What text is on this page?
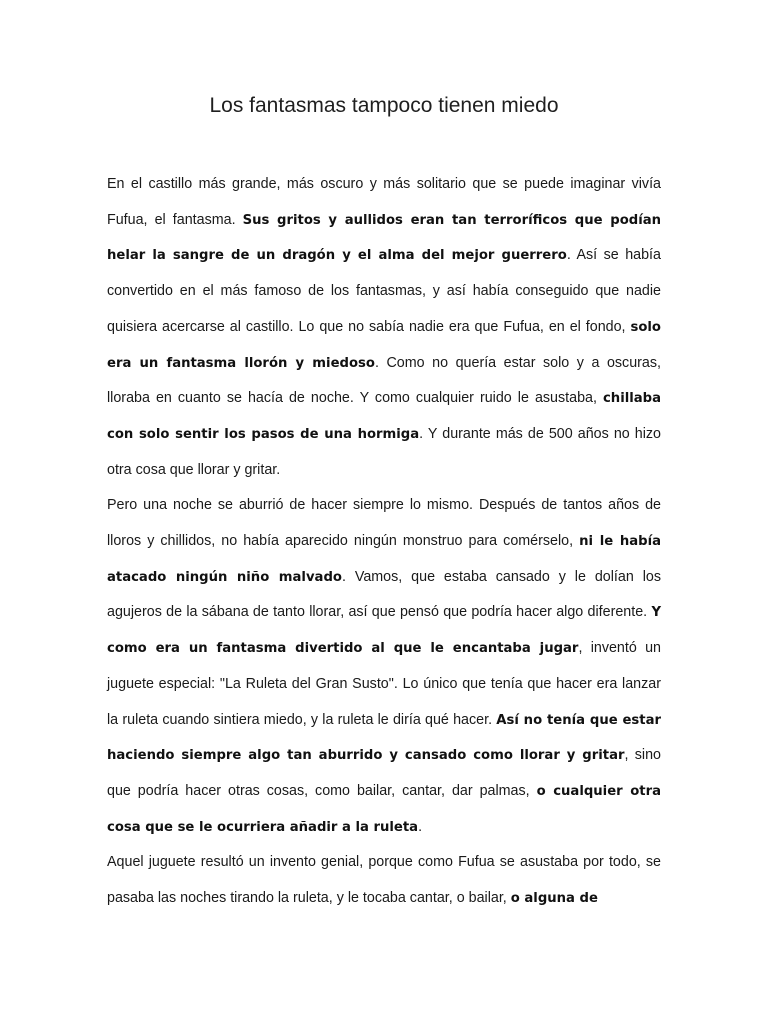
Los fantasmas tampoco tienen miedo

En el castillo más grande, más oscuro y más solitario que se puede imaginar vivía Fufua, el fantasma. Sus gritos y aullidos eran tan terroríficos que podían helar la sangre de un dragón y el alma del mejor guerrero. Así se había convertido en el más famoso de los fantasmas, y así había conseguido que nadie quisiera acercarse al castillo. Lo que no sabía nadie era que Fufua, en el fondo, solo era un fantasma llorón y miedoso. Como no quería estar solo y a oscuras, lloraba en cuanto se hacía de noche. Y como cualquier ruido le asustaba, chillaba con solo sentir los pasos de una hormiga. Y durante más de 500 años no hizo otra cosa que llorar y gritar.

Pero una noche se aburrió de hacer siempre lo mismo. Después de tantos años de lloros y chillidos, no había aparecido ningún monstruo para comérselo, ni le había atacado ningún niño malvado. Vamos, que estaba cansado y le dolían los agujeros de la sábana de tanto llorar, así que pensó que podría hacer algo diferente. Y como era un fantasma divertido al que le encantaba jugar, inventó un juguete especial: "La Ruleta del Gran Susto". Lo único que tenía que hacer era lanzar la ruleta cuando sintiera miedo, y la ruleta le diría qué hacer. Así no tenía que estar haciendo siempre algo tan aburrido y cansado como llorar y gritar, sino que podría hacer otras cosas, como bailar, cantar, dar palmas, o cualquier otra cosa que se le ocurriera añadir a la ruleta.

Aquel juguete resultó un invento genial, porque como Fufua se asustaba por todo, se pasaba las noches tirando la ruleta, y le tocaba cantar, o bailar, o alguna de
